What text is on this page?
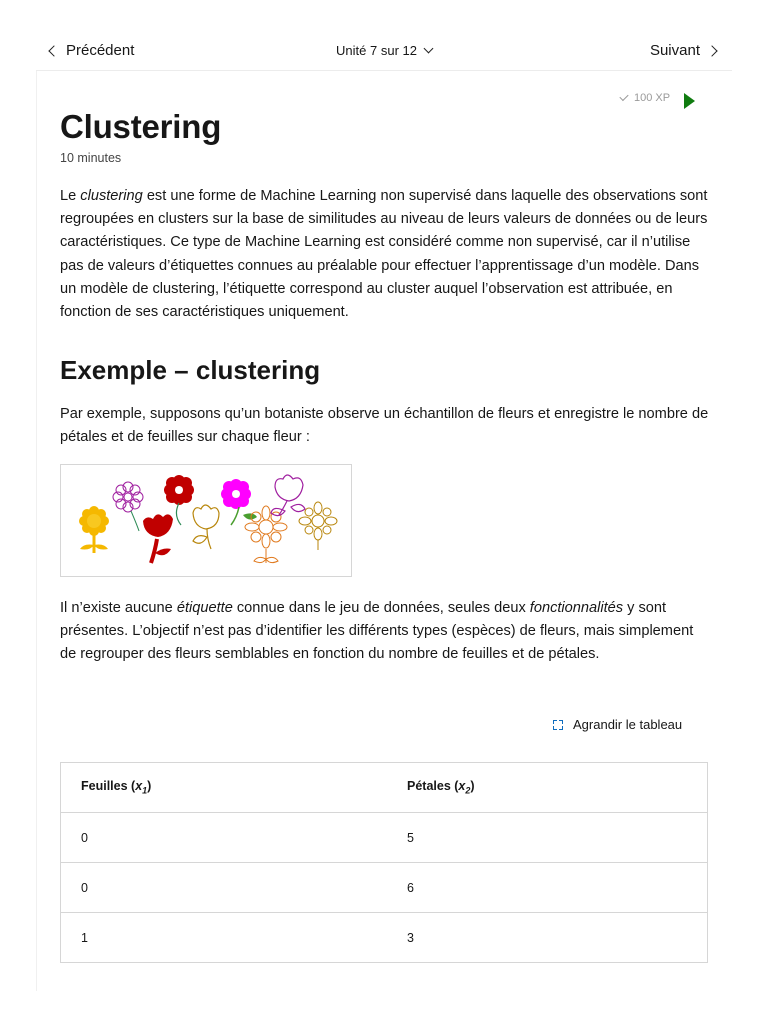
Précédent	Unité 7 sur 12	Suivant
100 XP
Clustering
10 minutes

Le clustering est une forme de Machine Learning non supervisé dans laquelle des observations sont regroupées en clusters sur la base de similitudes au niveau de leurs valeurs de données ou de leurs caractéristiques. Ce type de Machine Learning est considéré comme non supervisé, car il n’utilise pas de valeurs d’étiquettes connues au préalable pour effectuer l’apprentissage d’un modèle. Dans un modèle de clustering, l’étiquette correspond au cluster auquel l’observation est attribuée, en fonction de ses caractéristiques uniquement.

Exemple – clustering

Par exemple, supposons qu’un botaniste observe un échantillon de fleurs et enregistre le nombre de pétales et de feuilles sur chaque fleur :

Il n’existe aucune étiquette connue dans le jeu de données, seules deux fonctionnalités y sont présentes. L’objectif n’est pas d’identifier les différents types (espèces) de fleurs, mais simplement de regrouper des fleurs semblables en fonction du nombre de feuilles et de pétales.

Agrandir le tableau
Feuilles $(x_1)$	Pétales $(x_2)$
0	5
0	6
1	3
